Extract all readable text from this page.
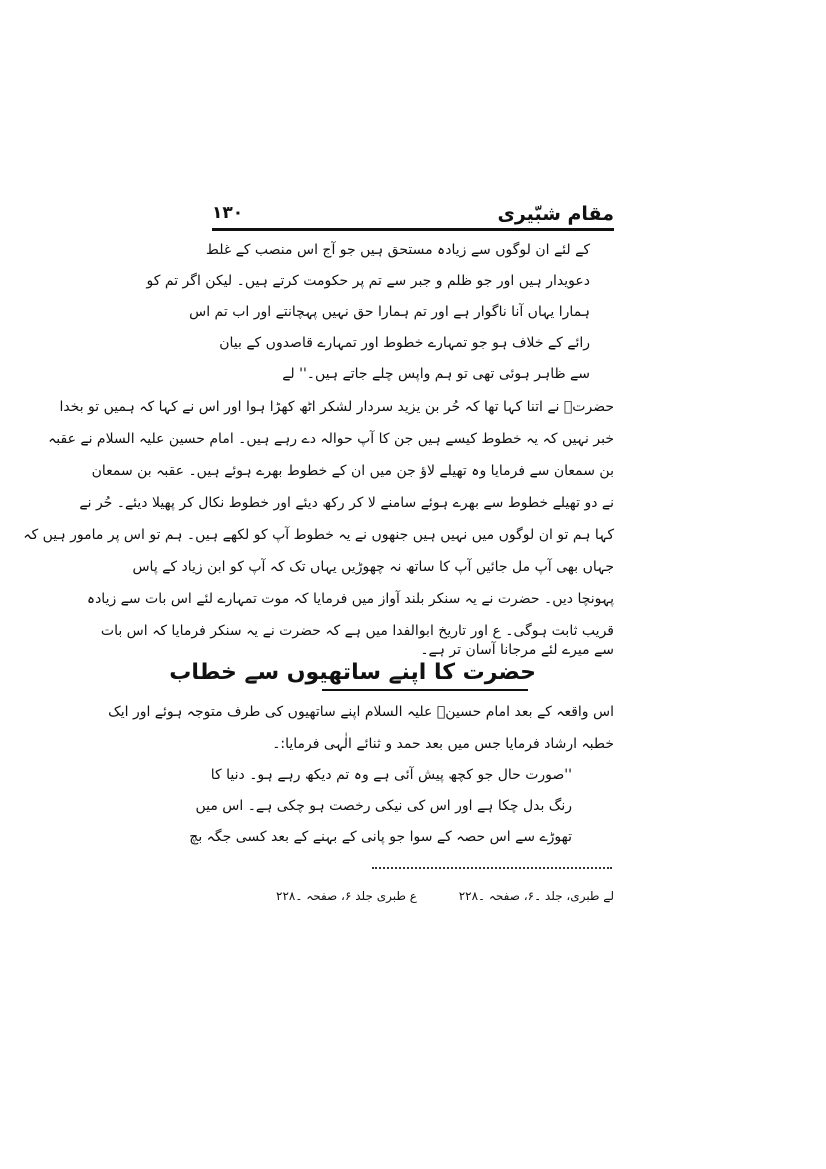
مقام شبّیری
۱۳۰
کے لئے ان لوگوں سے زیادہ مستحق ہیں جو آج اس منصب کے غلط
دعویدار ہیں اور جو ظلم و جبر سے تم پر حکومت کرتے ہیں۔ لیکن اگر تم کو
ہمارا یہاں آنا ناگوار ہے اور تم ہمارا حق نہیں پہچانتے اور اب تم اس
رائے کے خلاف ہو جو تمہارے خطوط اور تمہارے قاصدوں کے بیان
سے ظاہر ہوئی تھی تو ہم واپس چلے جاتے ہیں۔'' لے
حضرتؑ نے اتنا کہا تھا کہ حُر بن یزید سردار لشکر اٹھ کھڑا ہوا اور اس نے کہا کہ ہمیں تو بخدا
خبر نہیں کہ یہ خطوط کیسے ہیں جن کا آپ حوالہ دے رہے ہیں۔ امام حسین علیہ السلام نے عقبہ
بن سمعان سے فرمایا وہ تھیلے لاؤ جن میں ان کے خطوط بھرے ہوئے ہیں۔ عقبہ بن سمعان
نے دو تھیلے خطوط سے بھرے ہوئے سامنے لا کر رکھ دیئے اور خطوط نکال کر پھیلا دیئے۔ حُر نے
کہا ہم تو ان لوگوں میں نہیں ہیں جنھوں نے یہ خطوط آپ کو لکھے ہیں۔ ہم تو اس پر مامور ہیں کہ
جہاں بھی آپ مل جائیں آپ کا ساتھ نہ چھوڑیں یہاں تک کہ آپ کو ابن زیاد کے پاس
پہونچا دیں۔ حضرت نے یہ سنکر بلند آواز میں فرمایا کہ موت تمہارے لئے اس بات سے زیادہ
قریب ثابت ہوگی۔ ع اور تاریخ ابوالفدا میں ہے کہ حضرت نے یہ سنکر فرمایا کہ اس بات
سے میرے لئے مرجانا آسان تر ہے۔
حضرت کا اپنے ساتھیوں سے خطاب
اس واقعہ کے بعد امام حسینؑ علیہ السلام اپنے ساتھیوں کی طرف متوجہ ہوئے اور ایک
خطبہ ارشاد فرمایا جس میں بعد حمد و ثنائے الٰہی فرمایا:۔
''صورت حال جو کچھ پیش آئی ہے وہ تم دیکھ رہے ہو۔ دنیا کا
رنگ بدل چکا ہے اور اس کی نیکی رخصت ہو چکی ہے۔ اس میں
تھوڑے سے اس حصہ کے سوا جو پانی کے بہنے کے بعد کسی جگہ بچ
لے طبری، جلد ۔۶، صفحہ ۔۲۲۸ ع طبری جلد ۶، صفحہ ۔۲۲۸
